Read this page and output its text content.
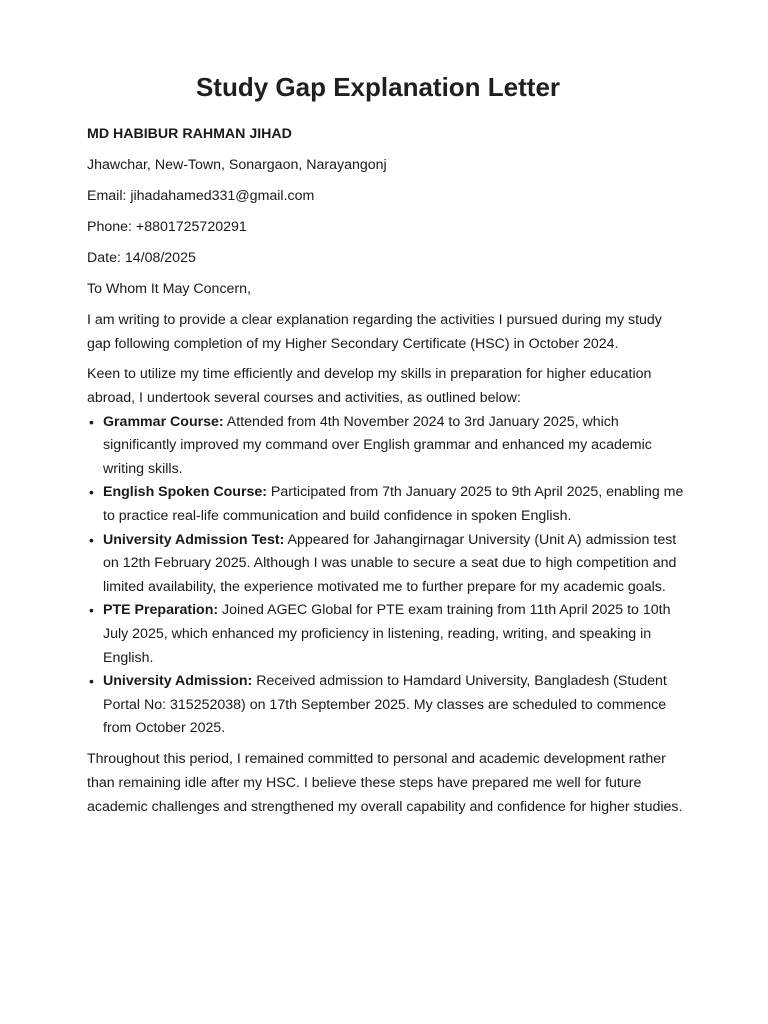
Study Gap Explanation Letter
MD HABIBUR RAHMAN JIHAD
Jhawchar, New-Town, Sonargaon, Narayangonj
Email: jihadahamed331@gmail.com
Phone: +8801725720291
Date: 14/08/2025
To Whom It May Concern,
I am writing to provide a clear explanation regarding the activities I pursued during my study gap following completion of my Higher Secondary Certificate (HSC) in October 2024.
Keen to utilize my time efficiently and develop my skills in preparation for higher education abroad, I undertook several courses and activities, as outlined below:
• Grammar Course: Attended from 4th November 2024 to 3rd January 2025, which significantly improved my command over English grammar and enhanced my academic writing skills.
• English Spoken Course: Participated from 7th January 2025 to 9th April 2025, enabling me to practice real-life communication and build confidence in spoken English.
• University Admission Test: Appeared for Jahangirnagar University (Unit A) admission test on 12th February 2025. Although I was unable to secure a seat due to high competition and limited availability, the experience motivated me to further prepare for my academic goals.
• PTE Preparation: Joined AGEC Global for PTE exam training from 11th April 2025 to 10th July 2025, which enhanced my proficiency in listening, reading, writing, and speaking in English.
• University Admission: Received admission to Hamdard University, Bangladesh (Student Portal No: 315252038) on 17th September 2025. My classes are scheduled to commence from October 2025.
Throughout this period, I remained committed to personal and academic development rather than remaining idle after my HSC. I believe these steps have prepared me well for future academic challenges and strengthened my overall capability and confidence for higher studies.
